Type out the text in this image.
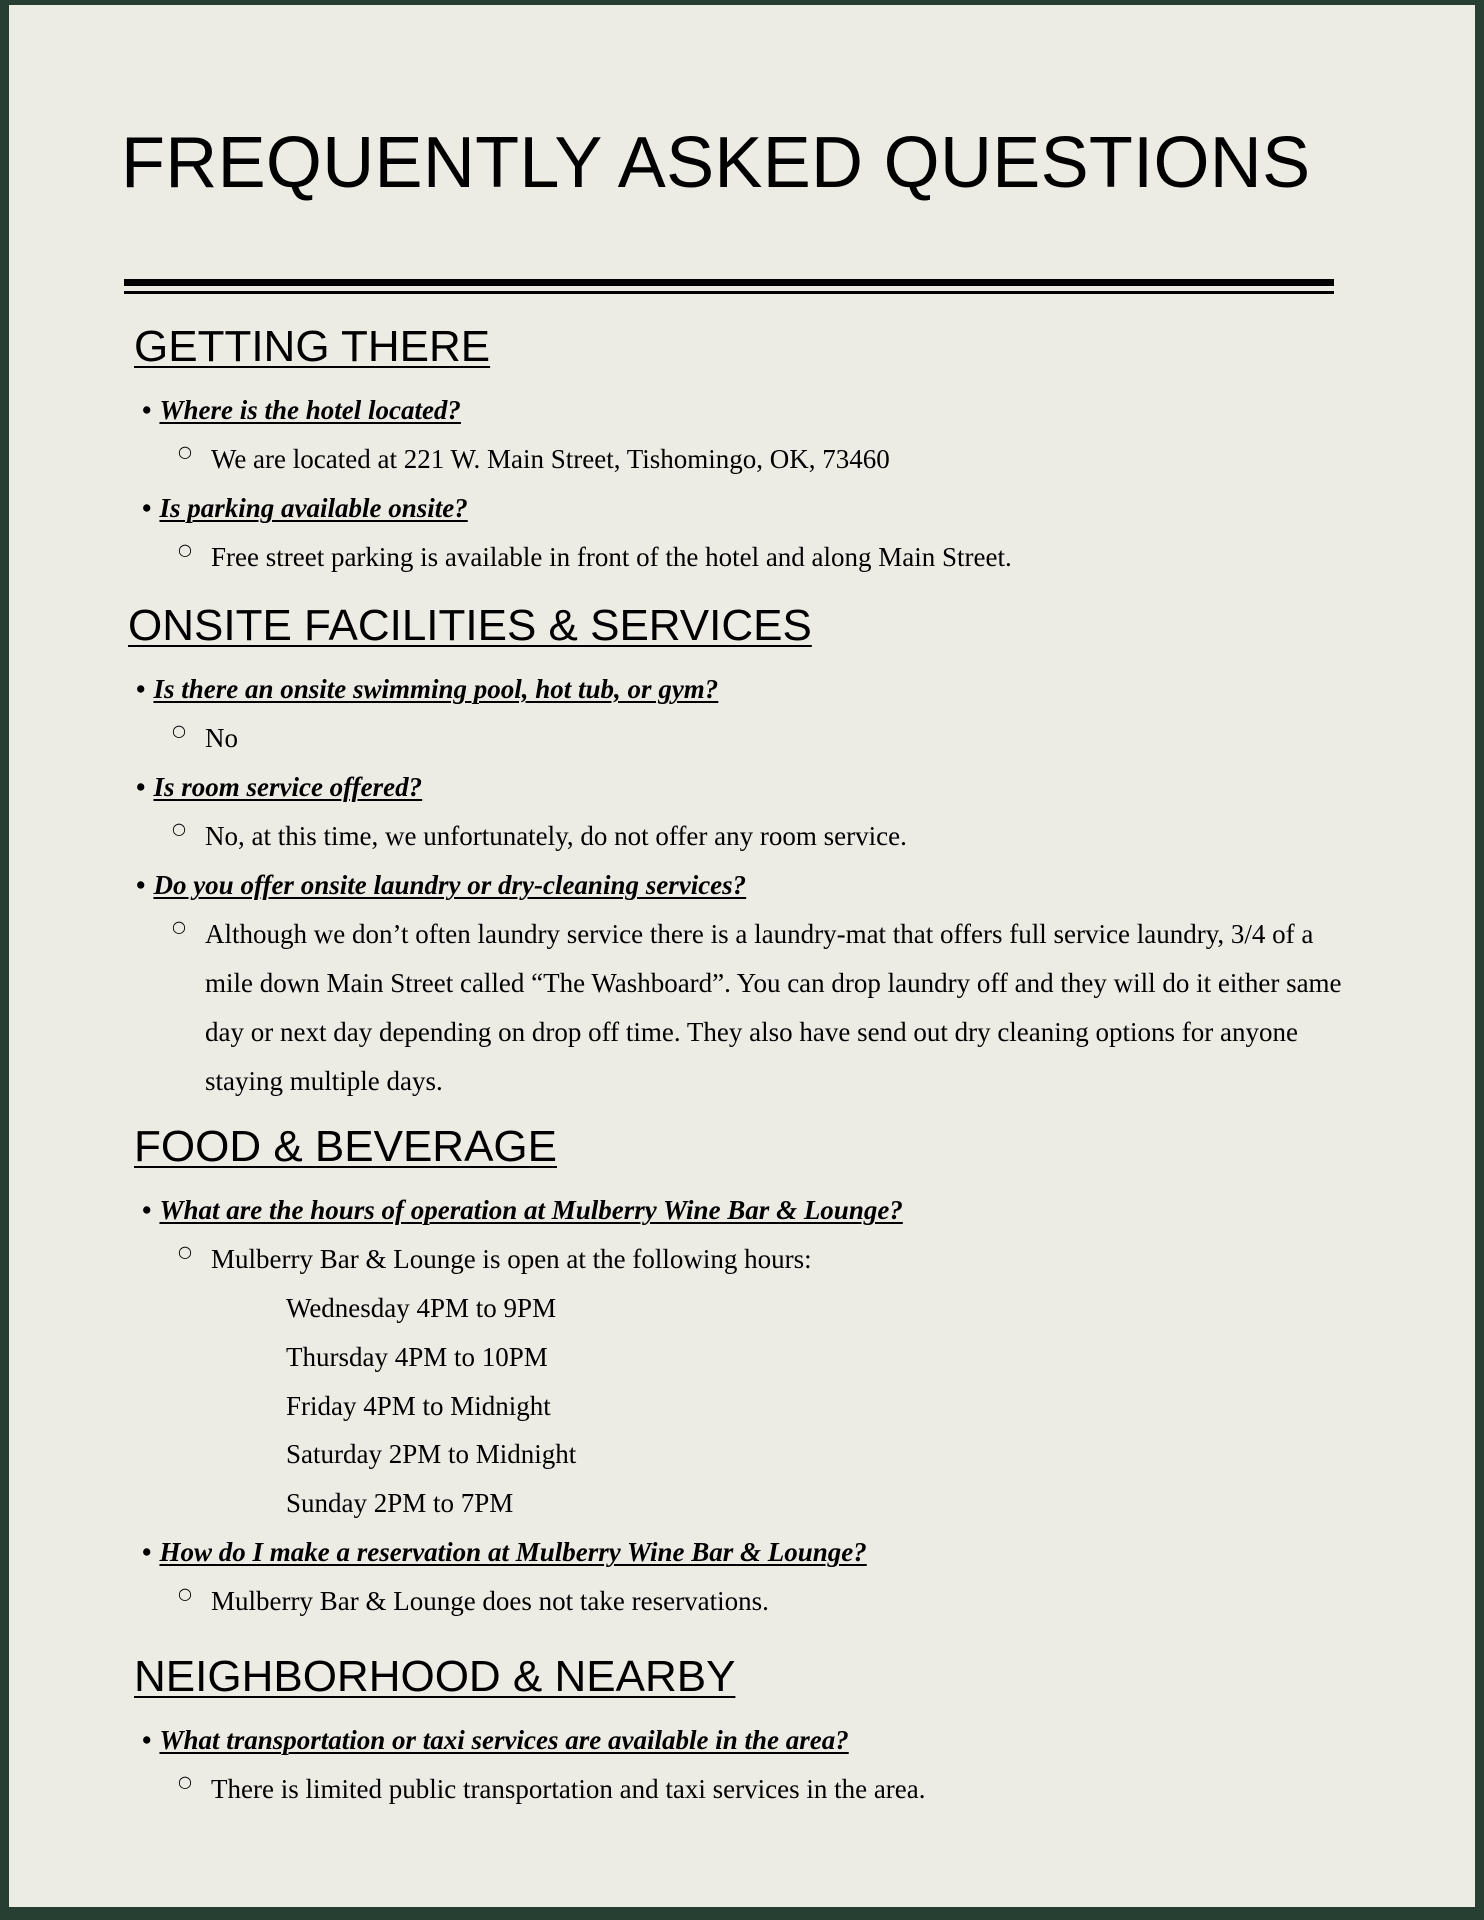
FREQUENTLY ASKED QUESTIONS
GETTING THERE
• Where is the hotel located?
○ We are located at 221 W. Main Street, Tishomingo, OK, 73460
• Is parking available onsite?
○ Free street parking is available in front of the hotel and along Main Street.
ONSITE FACILITIES & SERVICES
• Is there an onsite swimming pool, hot tub, or gym?
○ No
• Is room service offered?
○ No, at this time, we unfortunately, do not offer any room service.
• Do you offer onsite laundry or dry-cleaning services?
○ Although we don’t often laundry service there is a laundry-mat that offers full service laundry, 3/4 of a mile down Main Street called “The Washboard”. You can drop laundry off and they will do it either same day or next day depending on drop off time. They also have send out dry cleaning options for anyone staying multiple days.
FOOD & BEVERAGE
• What are the hours of operation at Mulberry Wine Bar & Lounge?
○ Mulberry Bar & Lounge is open at the following hours:
Wednesday 4PM to 9PM
Thursday 4PM to 10PM
Friday 4PM to Midnight
Saturday 2PM to Midnight
Sunday 2PM to 7PM
• How do I make a reservation at Mulberry Wine Bar & Lounge?
○ Mulberry Bar & Lounge does not take reservations.
NEIGHBORHOOD & NEARBY
• What transportation or taxi services are available in the area?
○ There is limited public transportation and taxi services in the area.
